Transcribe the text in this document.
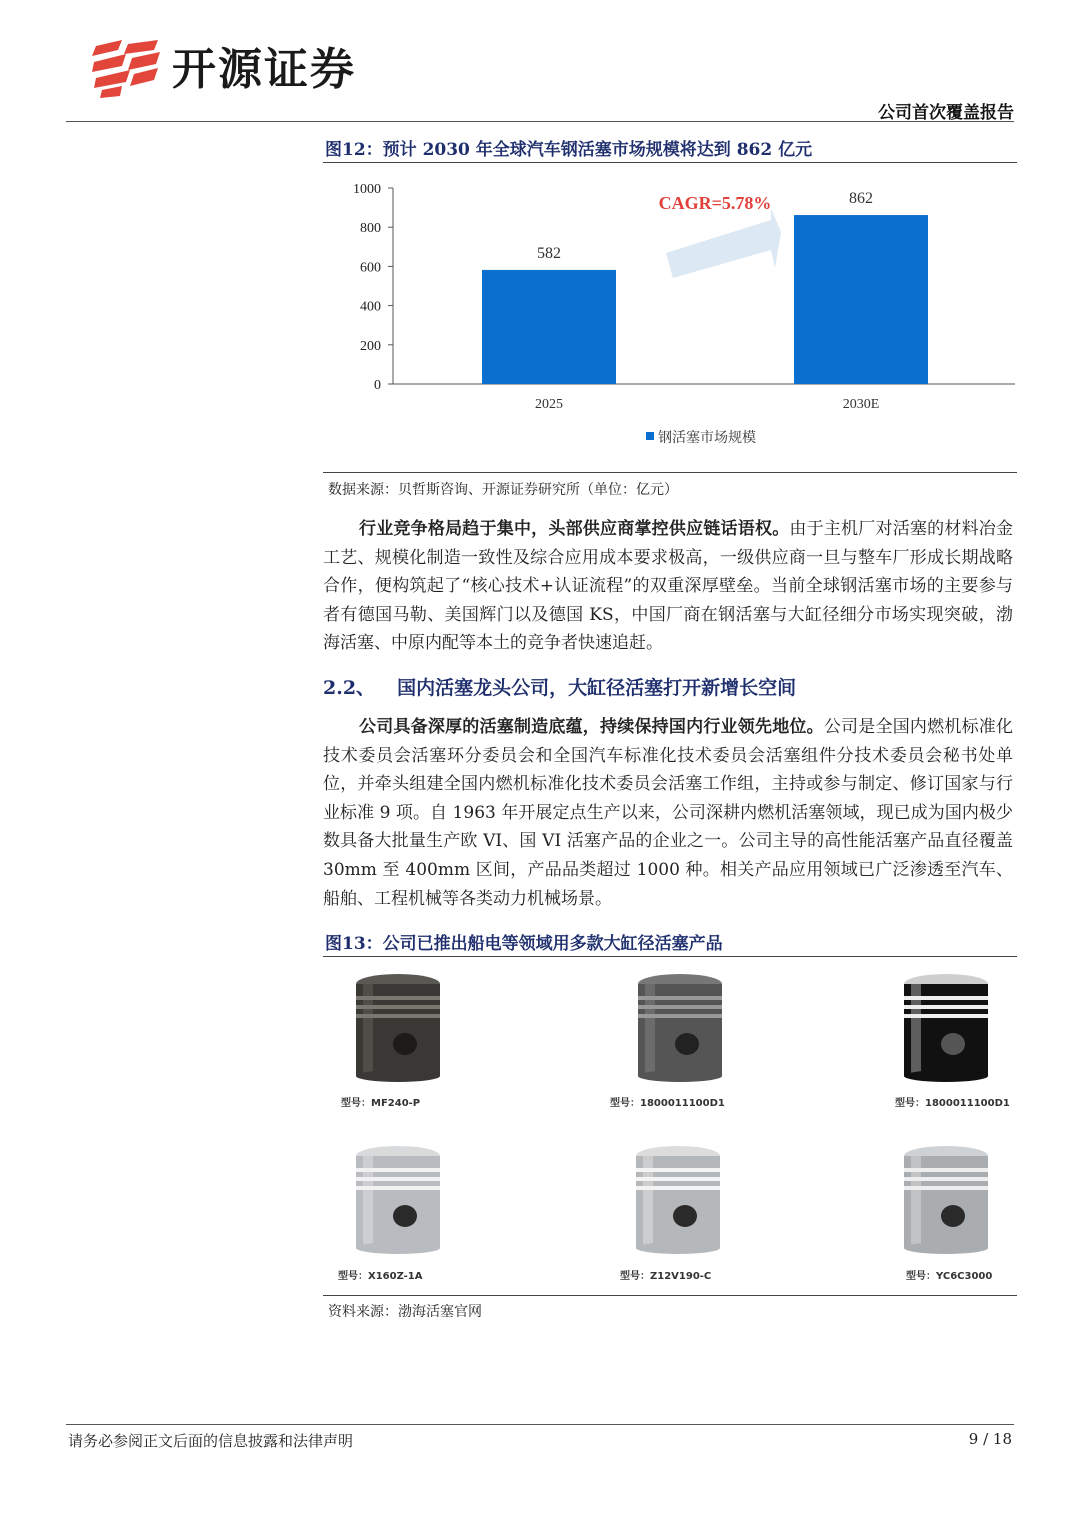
开源证券
公司首次覆盖报告
图12：预计 2030 年全球汽车钢活塞市场规模将达到 862 亿元
0
200
400
600
800
1000
582
2025
862
2030E
CAGR=5.78%
钢活塞市场规模
数据来源：贝哲斯咨询、开源证券研究所（单位：亿元）

行业竞争格局趋于集中，头部供应商掌控供应链话语权。由于主机厂对活塞的材料冶金工艺、规模化制造一致性及综合应用成本要求极高，一级供应商一旦与整车厂形成长期战略合作，便构筑起了“核心技术+认证流程”的双重深厚壁垒。当前全球钢活塞市场的主要参与者有德国马勒、美国辉门以及德国 KS，中国厂商在钢活塞与大缸径细分市场实现突破，渤海活塞、中原内配等本土的竞争者快速追赶。

2.2、 国内活塞龙头公司，大缸径活塞打开新增长空间

公司具备深厚的活塞制造底蕴，持续保持国内行业领先地位。公司是全国内燃机标准化技术委员会活塞环分委员会和全国汽车标准化技术委员会活塞组件分技术委员会秘书处单位，并牵头组建全国内燃机标准化技术委员会活塞工作组，主持或参与制定、修订国家与行业标准 9 项。自 1963 年开展定点生产以来，公司深耕内燃机活塞领域，现已成为国内极少数具备大批量生产欧 VI、国 VI 活塞产品的企业之一。公司主导的高性能活塞产品直径覆盖 30mm 至 400mm 区间，产品品类超过 1000 种。相关产品应用领域已广泛渗透至汽车、船舶、工程机械等各类动力机械场景。

图13：公司已推出船电等领域用多款大缸径活塞产品
型号：MF240-P	型号：1800011100D1	型号：1800011100D1
型号：X160Z-1A	型号：Z12V190-C	型号：YC6C3000
资料来源：渤海活塞官网
请务必参阅正文后面的信息披露和法律声明	9 / 18
